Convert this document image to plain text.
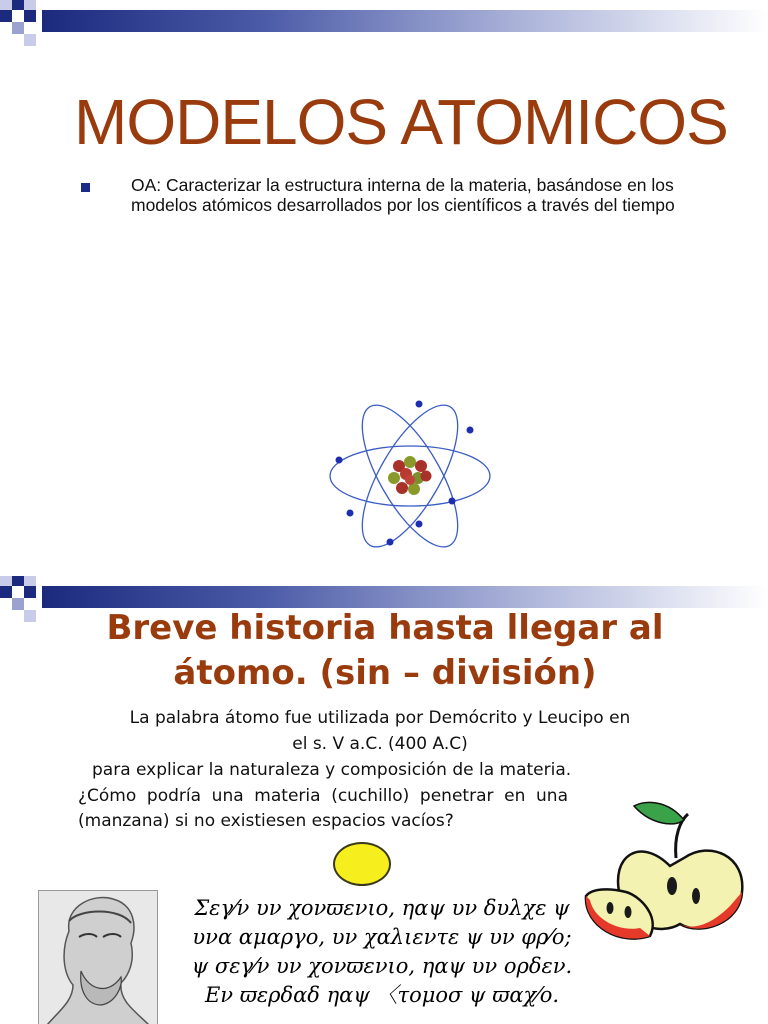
MODELOS ATOMICOS
OA: Caracterizar la estructura interna de la materia, basándose en los modelos atómicos desarrollados por los científicos a través del tiempo
Breve historia hasta llegar al
átomo. (sin – división)
La palabra átomo fue utilizada por Demócrito y Leucipo en
el s. V a.C. (400 A.C)
para explicar la naturaleza y composición de la materia.
¿Cómo podría una materia (cuchillo) penetrar en una (manzana) si no existiesen espacios vacíos?
Σεγ⁄ν υν χονϖενιο, ηαψ υν δυλχε ψ
υνα αμαργο, υν χαλιεντε ψ υν φρ⁄ο;
ψ σεγ⁄ν υν χονϖενιο, ηαψ υν ορδεν.
Εν ϖερδαδ ηαψ 〈τομοσ ψ ϖαχ⁄ο.
